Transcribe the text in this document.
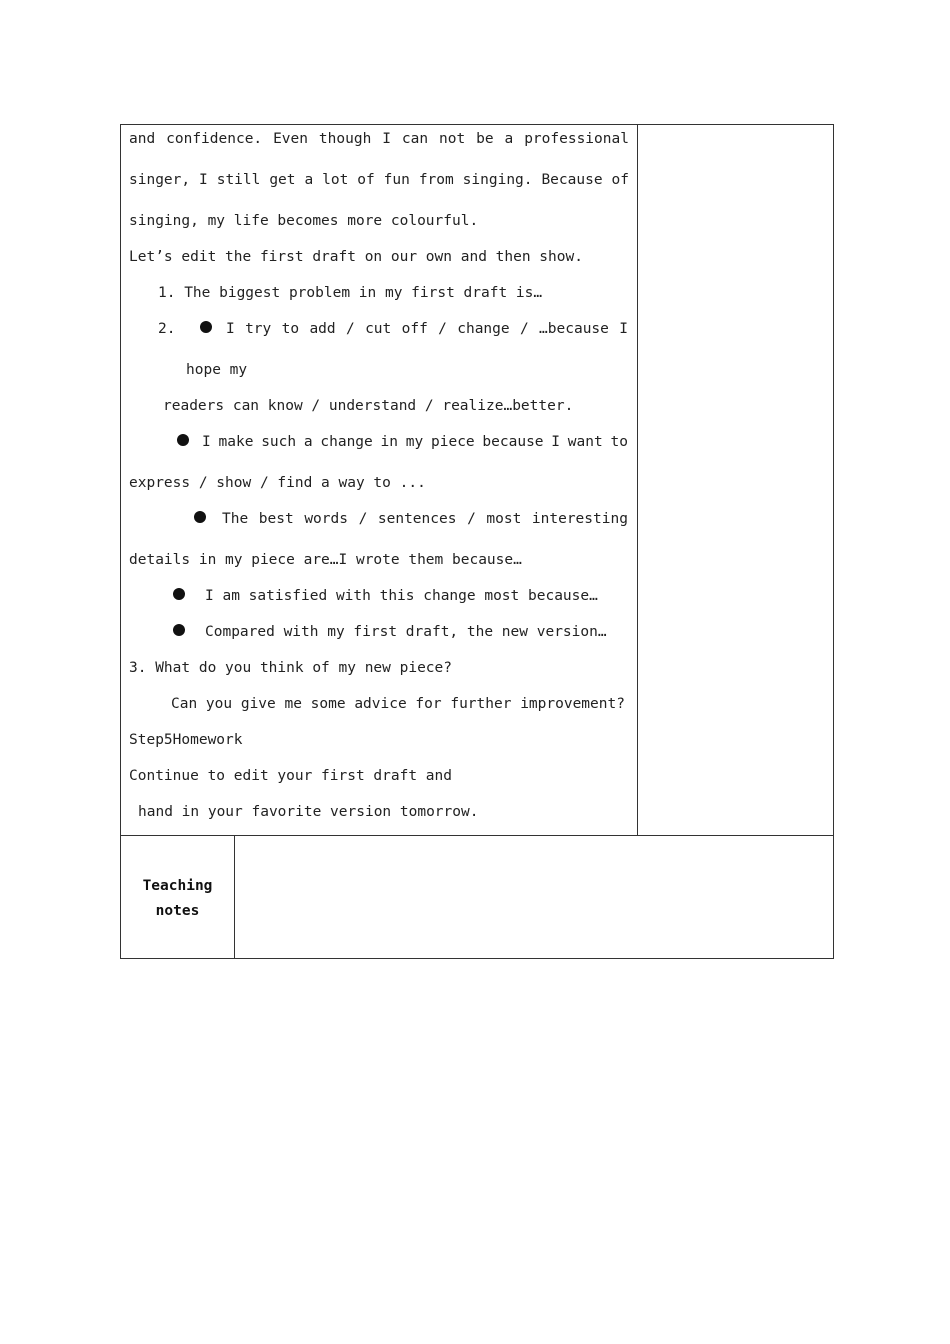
and confidence. Even though I can not be a professional
singer, I still get a lot of fun from singing. Because of
singing, my life becomes more colourful.
Let’s edit the first draft on our own and then show.
1. The biggest problem in my first draft is…
2.	I try to add / cut off / change / …because I
hope my
readers can know / understand / realize…better.
I make such a change in my piece because I want to
express / show / find a way to ...
The best words / sentences / most interesting
details in my piece are…I wrote them because…
I am satisfied with this change most because…
Compared with my first draft, the new version…
3. What do you think of my new piece?
Can you give me some advice for further improvement?
Step5Homework
Continue to edit your first draft and
hand in your favorite version tomorrow.
Teaching
notes
